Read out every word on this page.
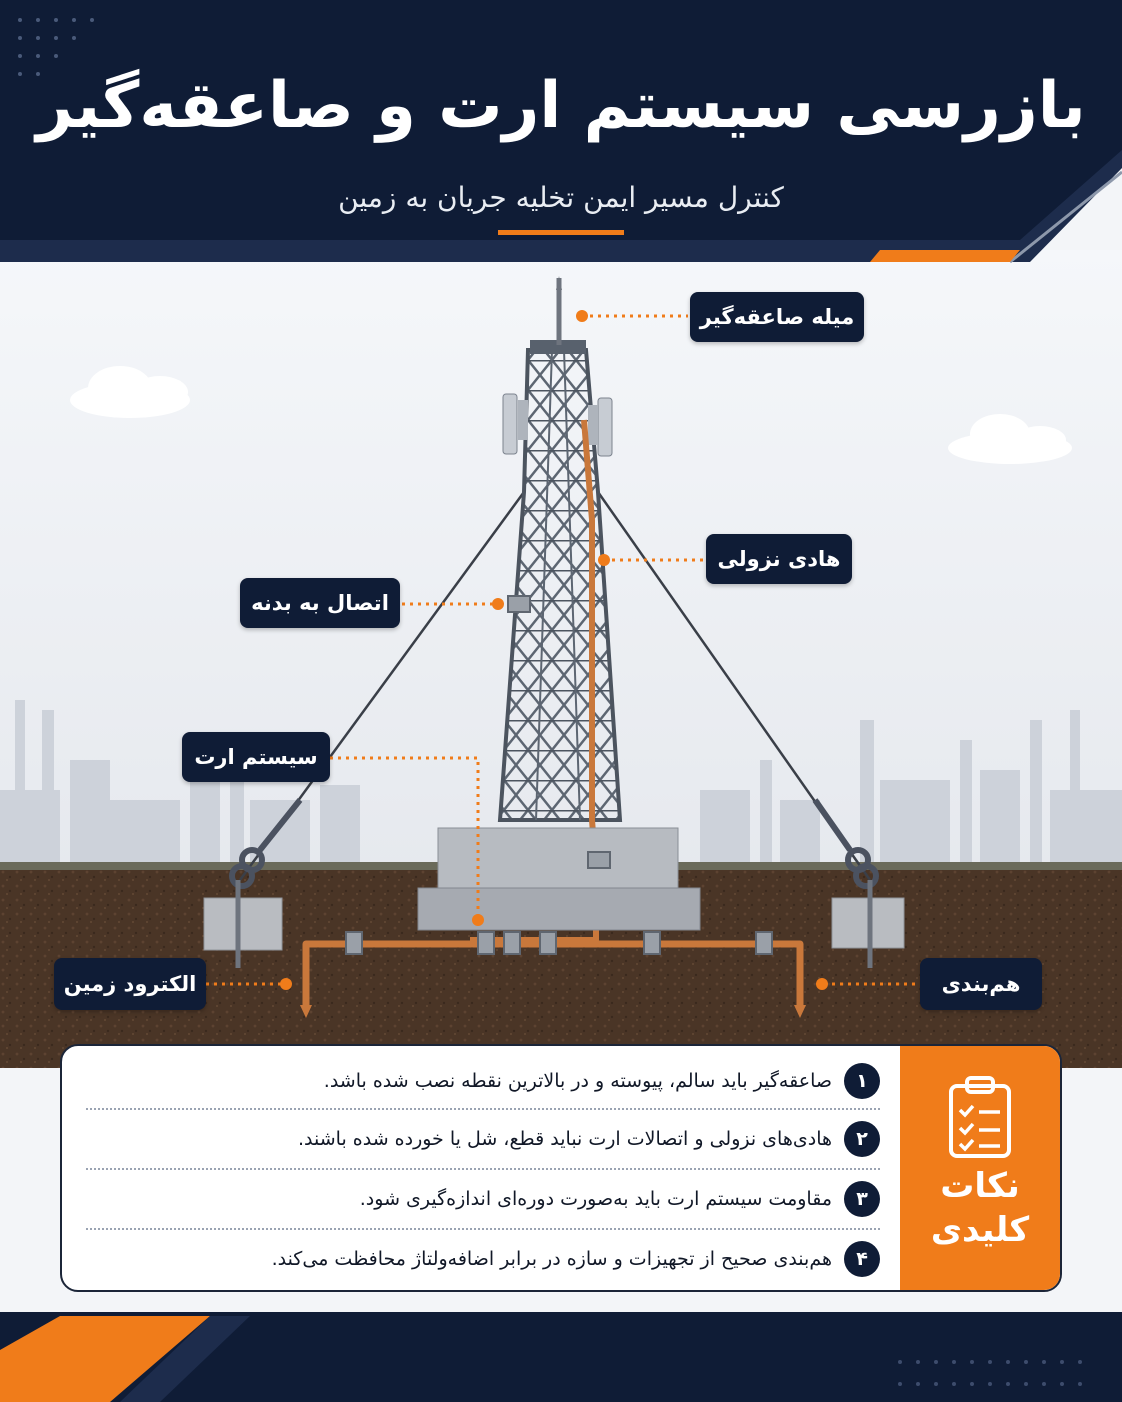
بازرسی سیستم ارت و صاعقه‌گیر
کنترل مسیر ایمن تخلیه جریان به زمین
میله صاعقه‌گیر
هادی نزولی
اتصال به بدنه
سیستم ارت
الکترود زمین	هم‌بندی
نکات
کلیدی
۱
صاعقه‌گیر باید سالم، پیوسته و در بالاترین نقطه نصب شده باشد.
۲
هادی‌های نزولی و اتصالات ارت نباید قطع، شل یا خورده شده باشند.
۳
مقاومت سیستم ارت باید به‌صورت دوره‌ای اندازه‌گیری شود.
۴
هم‌بندی صحیح از تجهیزات و سازه در برابر اضافه‌ولتاژ محافظت می‌کند.
